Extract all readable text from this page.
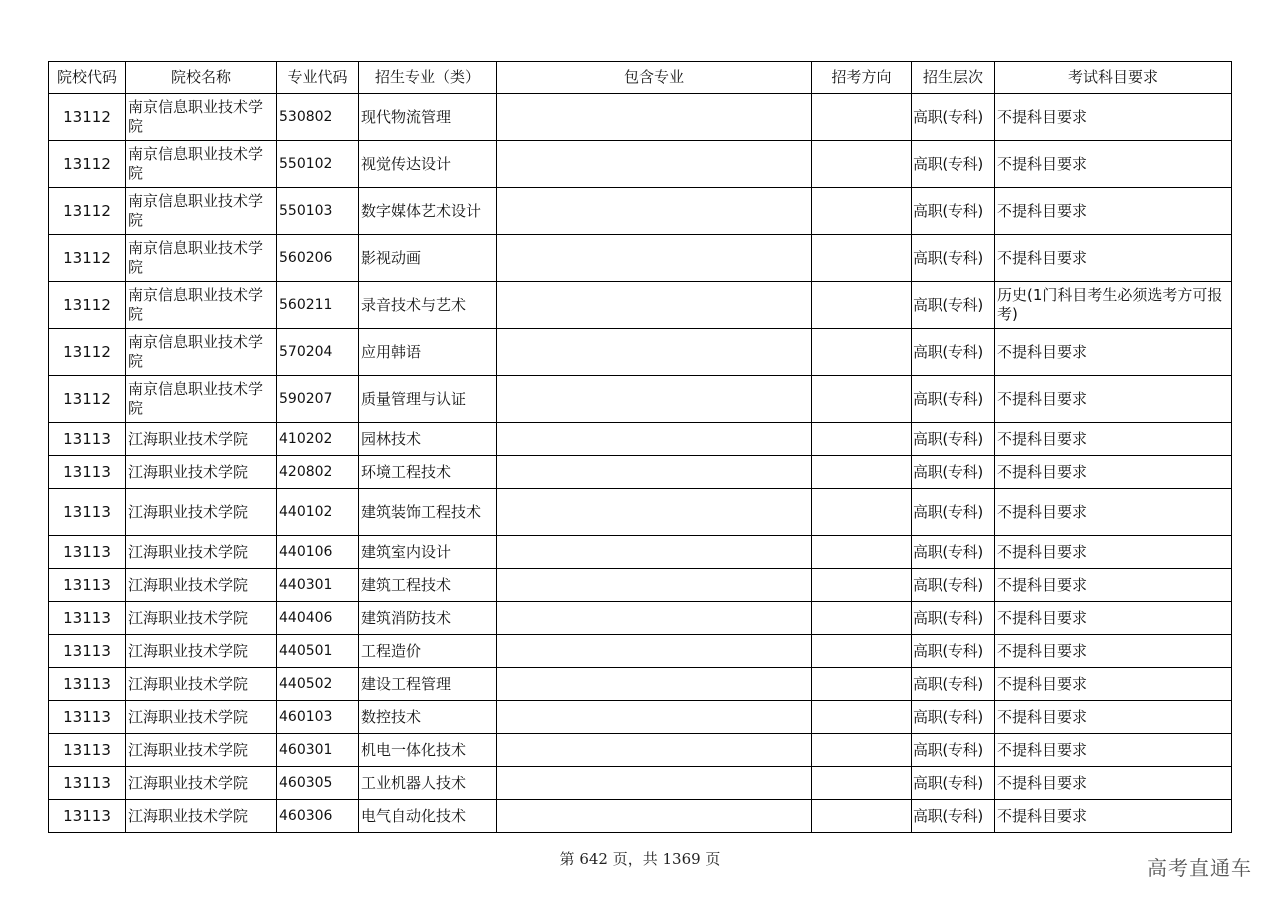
院校代码	院校名称	专业代码	招生专业（类）	包含专业	招考方向	招生层次	考试科目要求
13112	南京信息职业技术学院	530802	现代物流管理			高职(专科)	不提科目要求
13112	南京信息职业技术学院	550102	视觉传达设计			高职(专科)	不提科目要求
13112	南京信息职业技术学院	550103	数字媒体艺术设计			高职(专科)	不提科目要求
13112	南京信息职业技术学院	560206	影视动画			高职(专科)	不提科目要求
13112	南京信息职业技术学院	560211	录音技术与艺术			高职(专科)	历史(1门科目考生必须选考方可报考)
13112	南京信息职业技术学院	570204	应用韩语			高职(专科)	不提科目要求
13112	南京信息职业技术学院	590207	质量管理与认证			高职(专科)	不提科目要求
13113	江海职业技术学院	410202	园林技术			高职(专科)	不提科目要求
13113	江海职业技术学院	420802	环境工程技术			高职(专科)	不提科目要求
13113	江海职业技术学院	440102	建筑装饰工程技术			高职(专科)	不提科目要求
13113	江海职业技术学院	440106	建筑室内设计			高职(专科)	不提科目要求
13113	江海职业技术学院	440301	建筑工程技术			高职(专科)	不提科目要求
13113	江海职业技术学院	440406	建筑消防技术			高职(专科)	不提科目要求
13113	江海职业技术学院	440501	工程造价			高职(专科)	不提科目要求
13113	江海职业技术学院	440502	建设工程管理			高职(专科)	不提科目要求
13113	江海职业技术学院	460103	数控技术			高职(专科)	不提科目要求
13113	江海职业技术学院	460301	机电一体化技术			高职(专科)	不提科目要求
13113	江海职业技术学院	460305	工业机器人技术			高职(专科)	不提科目要求
13113	江海职业技术学院	460306	电气自动化技术			高职(专科)	不提科目要求
第 642 页，共 1369 页	高考直通车
